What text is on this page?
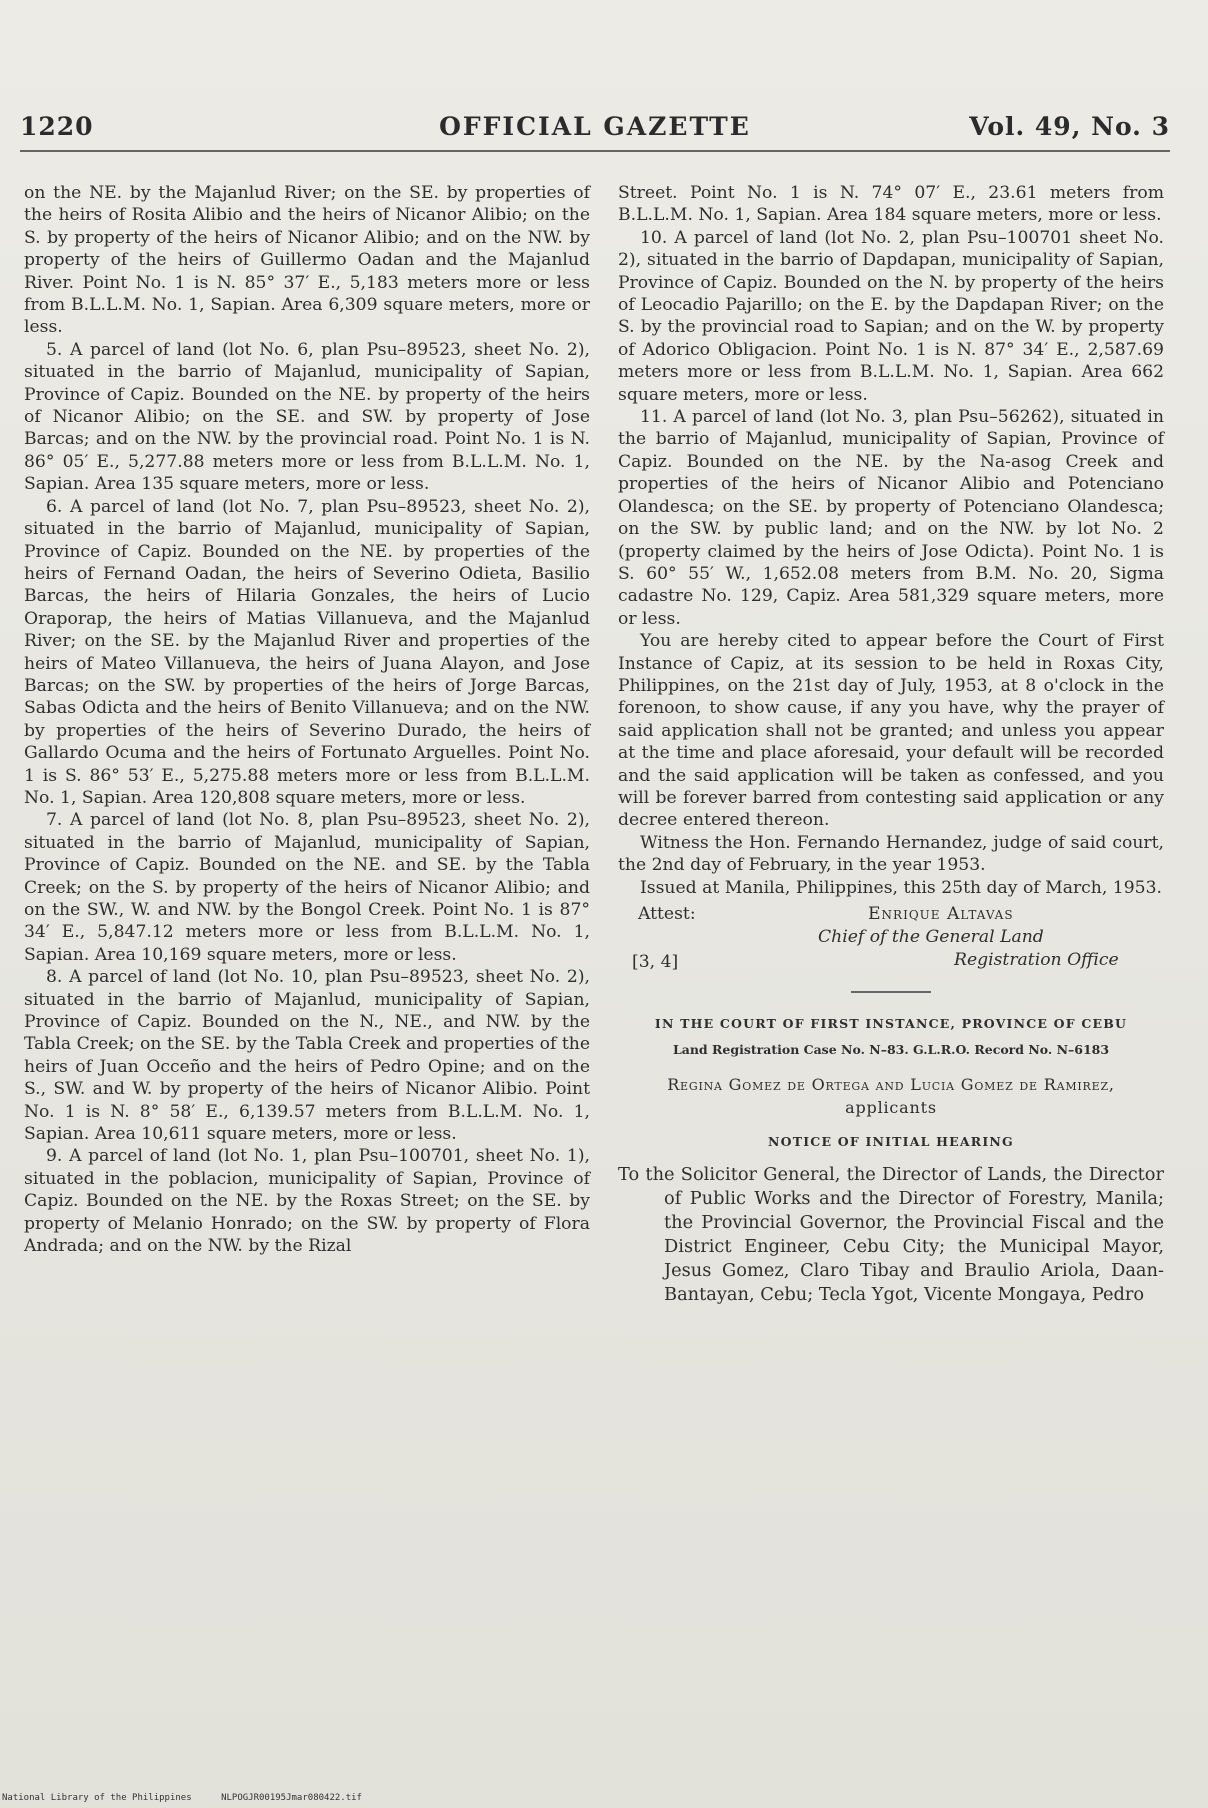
1220	OFFICIAL GAZETTE	Vol. 49, No. 3

on the NE. by the Majanlud River; on the SE. by properties of the heirs of Rosita Alibio and the heirs of Nicanor Alibio; on the S. by property of the heirs of Nicanor Alibio; and on the NW. by property of the heirs of Guillermo Oadan and the Majanlud River. Point No. 1 is N. 85° 37′ E., 5,183 meters more or less from B.L.L.M. No. 1, Sapian. Area 6,309 square meters, more or less.

5. A parcel of land (lot No. 6, plan Psu–89523, sheet No. 2), situated in the barrio of Majanlud, municipality of Sapian, Province of Capiz. Bounded on the NE. by property of the heirs of Nicanor Alibio; on the SE. and SW. by property of Jose Barcas; and on the NW. by the provincial road. Point No. 1 is N. 86° 05′ E., 5,277.88 meters more or less from B.L.L.M. No. 1, Sapian. Area 135 square meters, more or less.

6. A parcel of land (lot No. 7, plan Psu–89523, sheet No. 2), situated in the barrio of Majanlud, municipality of Sapian, Province of Capiz. Bounded on the NE. by properties of the heirs of Fernand Oadan, the heirs of Severino Odieta, Basilio Barcas, the heirs of Hilaria Gonzales, the heirs of Lucio Oraporap, the heirs of Matias Villanueva, and the Majanlud River; on the SE. by the Majanlud River and properties of the heirs of Mateo Villanueva, the heirs of Juana Alayon, and Jose Barcas; on the SW. by properties of the heirs of Jorge Barcas, Sabas Odicta and the heirs of Benito Villanueva; and on the NW. by properties of the heirs of Severino Durado, the heirs of Gallardo Ocuma and the heirs of Fortunato Arguelles. Point No. 1 is S. 86° 53′ E., 5,275.88 meters more or less from B.L.L.M. No. 1, Sapian. Area 120,808 square meters, more or less.

7. A parcel of land (lot No. 8, plan Psu–89523, sheet No. 2), situated in the barrio of Majanlud, municipality of Sapian, Province of Capiz. Bounded on the NE. and SE. by the Tabla Creek; on the S. by property of the heirs of Nicanor Alibio; and on the SW., W. and NW. by the Bongol Creek. Point No. 1 is 87° 34′ E., 5,847.12 meters more or less from B.L.L.M. No. 1, Sapian. Area 10,169 square meters, more or less.

8. A parcel of land (lot No. 10, plan Psu–89523, sheet No. 2), situated in the barrio of Majanlud, municipality of Sapian, Province of Capiz. Bounded on the N., NE., and NW. by the Tabla Creek; on the SE. by the Tabla Creek and properties of the heirs of Juan Occeño and the heirs of Pedro Opine; and on the S., SW. and W. by property of the heirs of Nicanor Alibio. Point No. 1 is N. 8° 58′ E., 6,139.57 meters from B.L.L.M. No. 1, Sapian. Area 10,611 square meters, more or less.

9. A parcel of land (lot No. 1, plan Psu–100701, sheet No. 1), situated in the poblacion, municipality of Sapian, Province of Capiz. Bounded on the NE. by the Roxas Street; on the SE. by property of Melanio Honrado; on the SW. by property of Flora Andrada; and on the NW. by the Rizal

Street. Point No. 1 is N. 74° 07′ E., 23.61 meters from B.L.L.M. No. 1, Sapian. Area 184 square meters, more or less.

10. A parcel of land (lot No. 2, plan Psu–100701 sheet No. 2), situated in the barrio of Dapdapan, municipality of Sapian, Province of Capiz. Bounded on the N. by property of the heirs of Leocadio Pajarillo; on the E. by the Dapdapan River; on the S. by the provincial road to Sapian; and on the W. by property of Adorico Obligacion. Point No. 1 is N. 87° 34′ E., 2,587.69 meters more or less from B.L.L.M. No. 1, Sapian. Area 662 square meters, more or less.

11. A parcel of land (lot No. 3, plan Psu–56262), situated in the barrio of Majanlud, municipality of Sapian, Province of Capiz. Bounded on the NE. by the Na-asog Creek and properties of the heirs of Nicanor Alibio and Potenciano Olandesca; on the SE. by property of Potenciano Olandesca; on the SW. by public land; and on the NW. by lot No. 2 (property claimed by the heirs of Jose Odicta). Point No. 1 is S. 60° 55′ W., 1,652.08 meters from B.M. No. 20, Sigma cadastre No. 129, Capiz. Area 581,329 square meters, more or less.

You are hereby cited to appear before the Court of First Instance of Capiz, at its session to be held in Roxas City, Philippines, on the 21st day of July, 1953, at 8 o'clock in the forenoon, to show cause, if any you have, why the prayer of said application shall not be granted; and unless you appear at the time and place aforesaid, your default will be recorded and the said application will be taken as confessed, and you will be forever barred from contesting said application or any decree entered thereon.

Witness the Hon. Fernando Hernandez, judge of said court, the 2nd day of February, in the year 1953.

Issued at Manila, Philippines, this 25th day of March, 1953.

Attest:	Enrique Altavas
Chief of the General Land
[3, 4]	Registration Office
IN THE COURT OF FIRST INSTANCE, PROVINCE OF CEBU
Land Registration Case No. N–83. G.L.R.O. Record No. N–6183
Regina Gomez de Ortega and Lucia Gomez de Ramirez, applicants
NOTICE OF INITIAL HEARING
To the Solicitor General, the Director of Lands, the Director of Public Works and the Director of Forestry, Manila; the Provincial Governor, the Provincial Fiscal and the District Engineer, Cebu City; the Municipal Mayor, Jesus Gomez, Claro Tibay and Braulio Ariola, Daan-Bantayan, Cebu; Tecla Ygot, Vicente Mongaya, Pedro
National Library of the Philippines	NLPOGJR00195Jmar080422.tif
